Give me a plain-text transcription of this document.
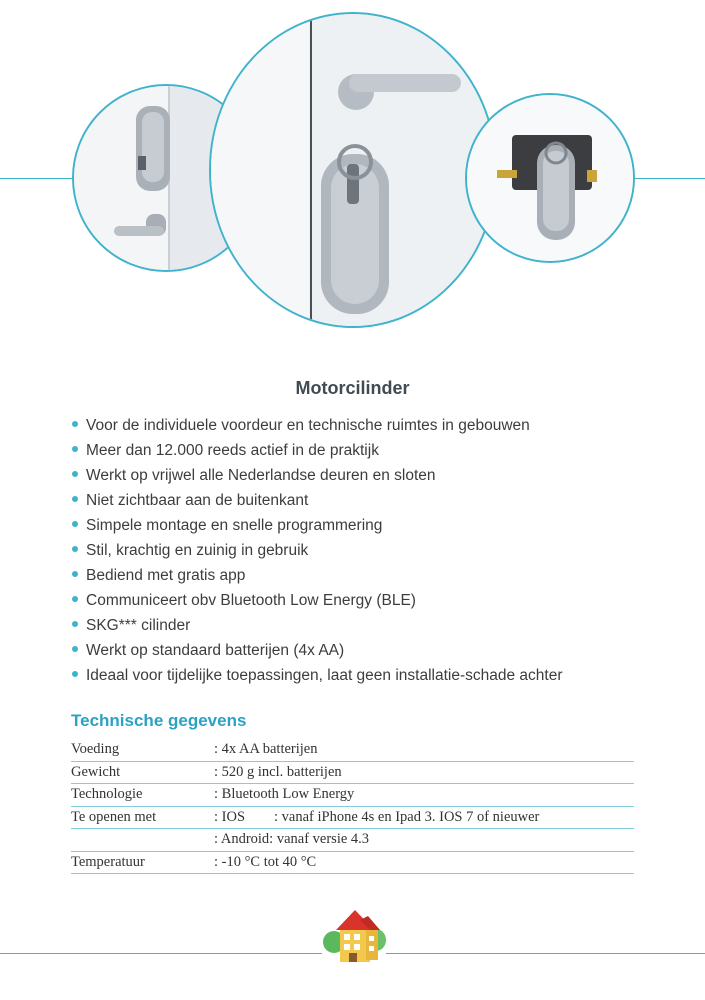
Motorcilinder
Voor de individuele voordeur en technische ruimtes in gebouwen
Meer dan 12.000 reeds actief in de praktijk
Werkt op vrijwel alle Nederlandse deuren en sloten
Niet zichtbaar aan de buitenkant
Simpele montage en snelle programmering
Stil, krachtig en zuinig in gebruik
Bediend met gratis app
Communiceert obv Bluetooth Low Energy (BLE)
SKG*** cilinder
Werkt op standaard batterijen (4x AA)
Ideaal voor tijdelijke toepassingen, laat geen installatie-schade achter
Technische gegevens
Voeding	: 4x AA batterijen
Gewicht	: 520 g incl. batterijen
Technologie	: Bluetooth Low Energy
Te openen met	: IOS        : vanaf iPhone 4s en Ipad 3. IOS 7 of nieuwer
: Android: vanaf versie 4.3
Temperatuur	: -10 °C tot 40 °C
